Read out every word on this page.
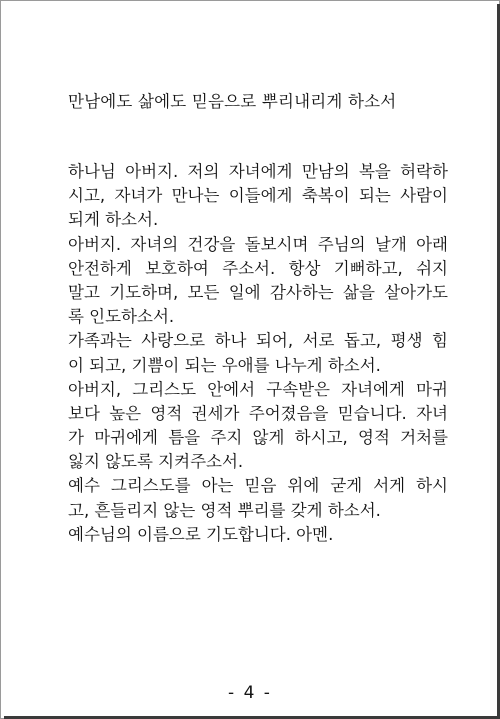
만남에도 삶에도 믿음으로 뿌리내리게 하소서
하나님 아버지. 저의 자녀에게 만남의 복을 허락하
시고, 자녀가 만나는 이들에게 축복이 되는 사람이
되게 하소서.
아버지. 자녀의 건강을 돌보시며 주님의 날개 아래
안전하게 보호하여 주소서. 항상 기뻐하고, 쉬지
말고 기도하며, 모든 일에 감사하는 삶을 살아가도
록 인도하소서.
가족과는 사랑으로 하나 되어, 서로 돕고, 평생 힘
이 되고, 기쁨이 되는 우애를 나누게 하소서.
아버지, 그리스도 안에서 구속받은 자녀에게 마귀
보다 높은 영적 권세가 주어졌음을 믿습니다. 자녀
가 마귀에게 틈을 주지 않게 하시고, 영적 거처를
잃지 않도록 지켜주소서.
예수 그리스도를 아는 믿음 위에 굳게 서게 하시
고, 흔들리지 않는 영적 뿌리를 갖게 하소서.
예수님의 이름으로 기도합니다. 아멘.
- 4 -
